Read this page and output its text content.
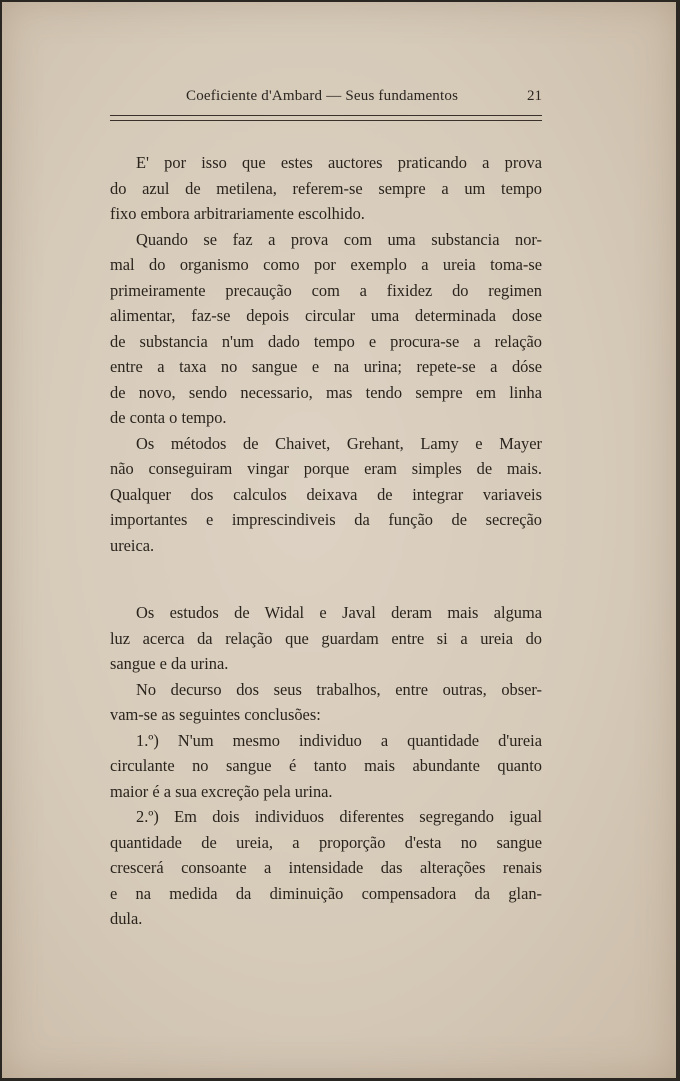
Coeficiente d'Ambard — Seus fundamentos	21
E' por isso que estes auctores praticando a prova
do azul de metilena, referem-se sempre a um tempo
fixo embora arbitrariamente escolhido.
Quando se faz a prova com uma substancia nor-
mal do organismo como por exemplo a ureia toma-se
primeiramente precaução com a fixidez do regimen
alimentar, faz-se depois circular uma determinada dose
de substancia n'um dado tempo e procura-se a relação
entre a taxa no sangue e na urina; repete-se a dóse
de novo, sendo necessario, mas tendo sempre em linha
de conta o tempo.
Os métodos de Chaivet, Grehant, Lamy e Mayer
não conseguiram vingar porque eram simples de mais.
Qualquer dos calculos deixava de integrar variaveis
importantes e imprescindiveis da função de secreção
ureica.
Os estudos de Widal e Javal deram mais alguma
luz acerca da relação que guardam entre si a ureia do
sangue e da urina.
No decurso dos seus trabalhos, entre outras, obser-
vam-se as seguintes conclusões:
1.º) N'um mesmo individuo a quantidade d'ureia
circulante no sangue é tanto mais abundante quanto
maior é a sua excreção pela urina.
2.º) Em dois individuos diferentes segregando igual
quantidade de ureia, a proporção d'esta no sangue
crescerá consoante a intensidade das alterações renais
e na medida da diminuição compensadora da glan-
dula.
